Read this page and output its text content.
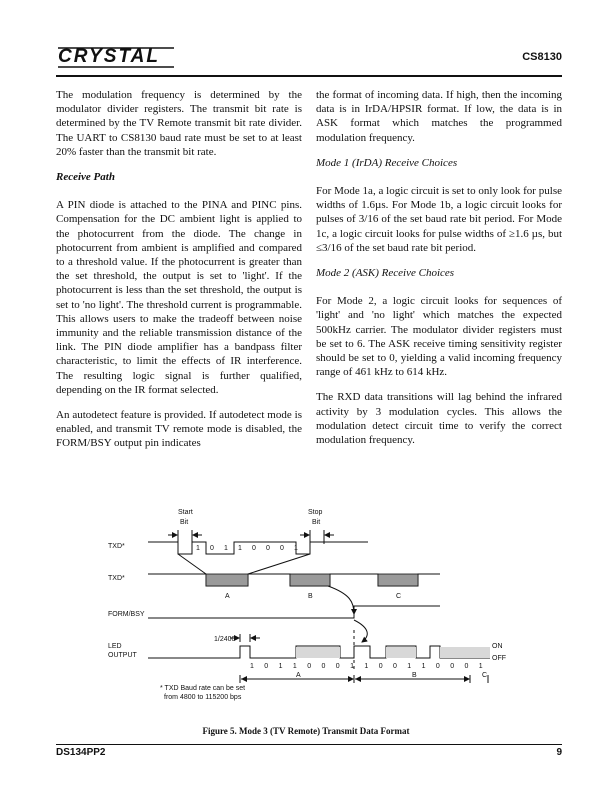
CRYSTAL	CS8130

The modulation frequency is determined by the modulator divider registers. The transmit bit rate is determined by the TV Remote transmit bit rate divider. The UART to CS8130 baud rate must be set to at least 20% faster than the transmit bit rate.

Receive Path

A PIN diode is attached to the PINA and PINC pins. Compensation for the DC ambient light is applied to the photocurrent from the diode. The change in photocurrent from ambient is amplified and compared to a threshold value. If the photocurrent is greater than the set threshold, the output is set to 'light'. If the photocurrent is less than the set threshold, the output is set to 'no light'. The threshold current is programmable. This allows users to make the tradeoff between noise immunity and the reliable transmission distance of the link. The PIN diode amplifier has a bandpass filter characteristic, to limit the effects of IR interference. The resulting logic signal is further qualified, depending on the IR format selected.

An autodetect feature is provided. If autodetect mode is enabled, and transmit TV remote mode is disabled, the FORM/BSY output pin indicates

the format of incoming data. If high, then the incoming data is in IrDA/HPSIR format. If low, the data is in ASK format which matches the programmed modulation frequency.

Mode 1 (IrDA) Receive Choices

For Mode 1a, a logic circuit is set to only look for pulse widths of 1.6µs. For Mode 1b, a logic circuit looks for pulses of 3/16 of the set baud rate bit period. For Mode 1c, a logic circuit looks for pulse widths of ≥1.6 µs, but ≤3/16 of the set baud rate bit period.

Mode 2 (ASK) Receive Choices

For Mode 2, a logic circuit looks for sequences of 'light' and 'no light' which matches the expected 500kHz carrier. The modulator divider registers must be set to 6. The ASK receive timing sensitivity register should be set to 0, yielding a valid incoming frequency range of 461 kHz to 614 kHz.

The RXD data transitions will lag behind the infrared activity by 3 modulation cycles. This allows the modulation detect circuit time to verify the correct modulation frequency.

Start
Bit
Stop
Bit
TXD*
TXD*
FORM/BSY
LED
OUTPUT
1/2400
ON
OFF
* TXD Baud rate can be set
from 4800 to 115200 bps
1 0 1 1 0 0 0 1
1 0 1 1 0 0 0 1 1 0 0 1 1 0 0 0 1
A	B	C
A	B	C
Figure 5. Mode 3 (TV Remote) Transmit Data Format
DS134PP2	9
